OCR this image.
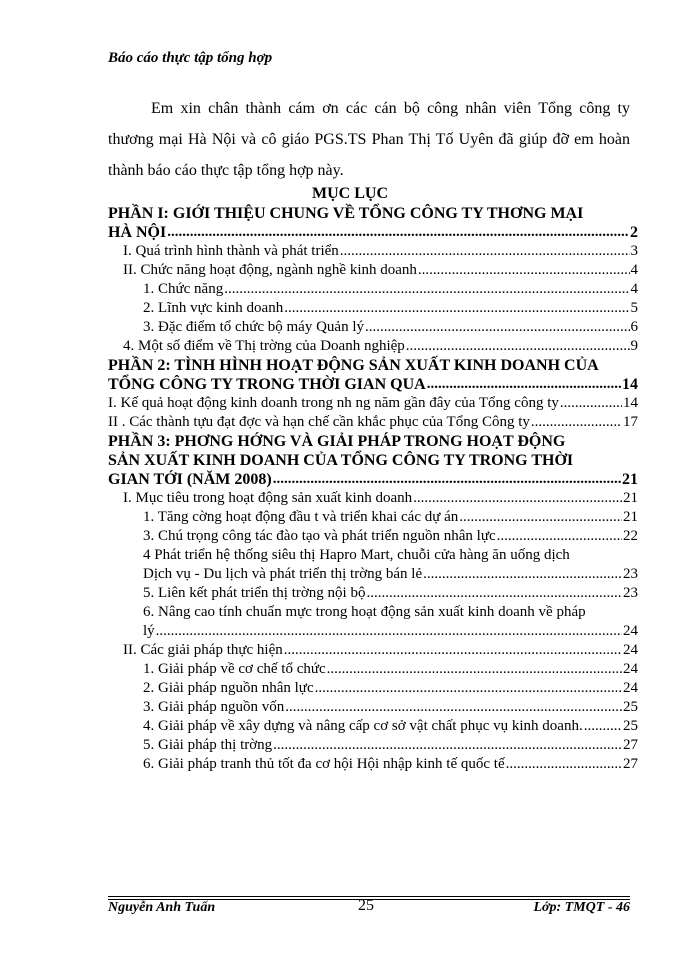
Báo cáo thực tập tổng hợp

Em xin chân thành cám ơn các cán bộ công nhân viên Tổng công ty thương mại Hà Nội và cô giáo PGS.TS Phan Thị Tố Uyên đã giúp đỡ em hoàn thành báo cáo thực tập tổng hợp này.

MỤC LỤC
PHẦN I: GIỚI THIỆU CHUNG VỀ TỔNG CÔNG TY THƠNG MẠI
HÀ NỘI .....	2
I. Quá trình hình thành và phát triển .....	3
II. Chức năng hoạt động, ngành nghề kinh doanh .....	4
1. Chức năng .....	4
2. Lĩnh vực kinh doanh .....	5
3. Đặc điểm tổ chức bộ máy Quản lý .....	6
4. Một số điểm về Thị trờng của Doanh nghiệp .....	9
PHẦN 2: TÌNH HÌNH HOẠT ĐỘNG SẢN XUẤT KINH DOANH CỦA
TỔNG CÔNG TY TRONG THỜI GIAN QUA .....	14
I. Kế quả hoạt động kinh doanh trong nh ng năm gần đây của Tổng công ty .....	14
II . Các thành tựu đạt đợc và hạn chế cần khắc phục của Tổng Công ty .....	17
PHẦN 3: PHƠNG HỚNG VÀ GIẢI PHÁP TRONG HOẠT ĐỘNG
SẢN XUẤT KINH DOANH CỦA TỔNG CÔNG TY TRONG THỜI
GIAN TỚI (NĂM 2008) .....	21
I. Mục tiêu trong hoạt động sản xuất kinh doanh .....	21
1. Tăng cờng hoạt động đầu t và triển khai các dự án .....	21
3. Chú trọng công tác đào tạo và phát triển nguồn nhân lực .....	22
4 Phát triển hệ thống siêu thị Hapro Mart, chuỗi cửa hàng ăn uống dịch
Dịch vụ - Du lịch và phát triển thị trờng bán lẻ .....	23
5. Liên kết phát triển thị trờng nội bộ .....	23
6. Nâng cao tính chuẩn mực trong hoạt động sản xuất kinh doanh về pháp
lý .....	24
II. Các giải pháp thực hiện .....	24
1. Giải pháp về cơ chế tổ chức .....	24
2. Giải pháp nguồn nhân lực .....	24
3. Giải pháp nguồn vốn .....	25
4. Giải pháp về xây dựng và nâng cấp cơ sở vật chất phục vụ kinh doanh. .....	25
5. Giải pháp thị trờng .....	27
6. Giải pháp tranh thủ tốt đa cơ hội Hội nhập kinh tế quốc tế .....	27
Nguyễn Anh Tuấn	25	Lớp: TMQT - 46
